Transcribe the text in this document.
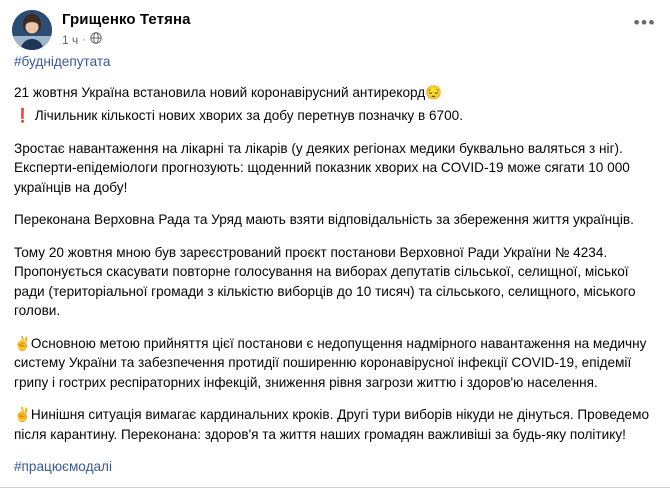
Грищенко Тетяна
1 ч ·
•••
#буднідепутата
21 жовтня Україна встановила новий коронавірусний антирекорд😔
❗ Лічильник кількості нових хворих за добу перетнув позначку в 6700.
Зростає навантаження на лікарні та лікарів (у деяких регіонах медики буквально валяться з ніг). Експерти-епідеміологи прогнозують: щоденний показник хворих на COVID-19 може сягати 10 000 українців на добу!
Переконана Верховна Рада та Уряд мають взяти відповідальність за збереження життя українців.
Тому 20 жовтня мною був зареєстрований проєкт постанови Верховної Ради України № 4234. Пропонується скасувати повторне голосування на виборах депутатів сільської, селищної, міської ради (територіальної громади з кількістю виборців до 10 тисяч) та сільського, селищного, міського голови.
✌Основною метою прийняття цієї постанови є недопущення надмірного навантаження на медичну систему України та забезпечення протидії поширенню коронавірусної інфекції COVID-19, епідемії грипу і гострих респіраторних інфекцій, зниження рівня загрози життю і здоров'ю населення.
✌Нинішня ситуація вимагає кардинальних кроків. Другі тури виборів нікуди не дінуться. Проведемо після карантину. Переконана: здоров'я та життя наших громадян важливіші за будь-яку політику!
#працюємодалі
